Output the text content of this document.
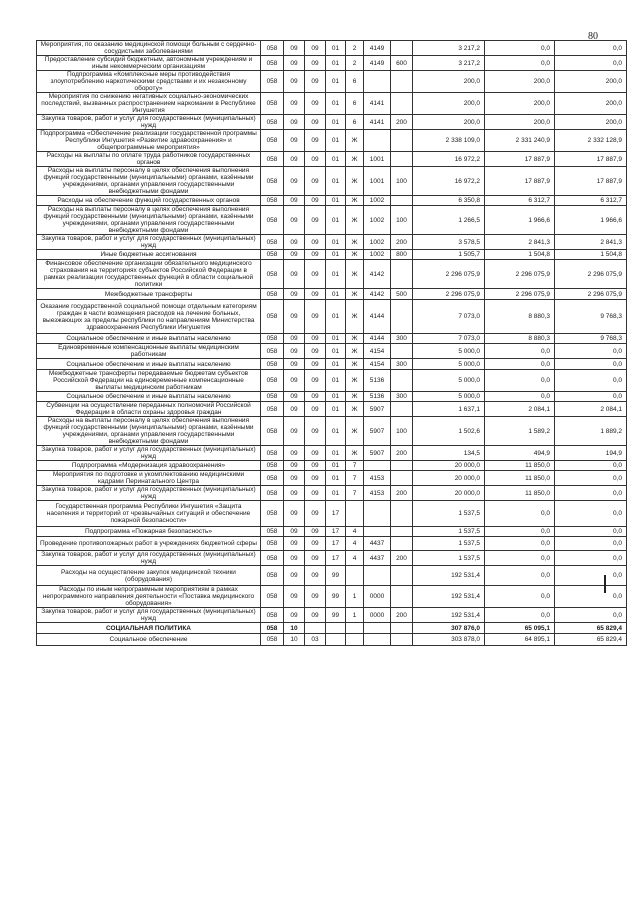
80
Мероприятия, по оказанию медицинской помощи больным с сердечно-сосудистыми заболеваниями	058	09	09	01	2	4149		3 217,2	0,0	0,0
Предоставление субсидий бюджетным, автономным учреждениям и иным некоммерческим организациям	058	09	09	01	2	4149	600	3 217,2	0,0	0,0
Подпрограмма «Комплексные меры противодействия злоупотреблению наркотическими средствами и их незаконному обороту»	058	09	09	01	6			200,0	200,0	200,0
Мероприятия по снижению негативных социально-экономических последствий, вызванных распространением наркомании в Республике Ингушетия	058	09	09	01	6	4141		200,0	200,0	200,0
Закупка товаров, работ и услуг для государственных (муниципальных) нужд	058	09	09	01	6	4141	200	200,0	200,0	200,0
Подпрограмма «Обеспечение реализации государственной программы Республики Ингушетия «Развитие здравоохранения» и общепрограммные мероприятия»	058	09	09	01	Ж			2 338 109,0	2 331 240,9	2 332 128,9
Расходы на выплаты по оплате труда работников государственных органов	058	09	09	01	Ж	1001		16 972,2	17 887,9	17 887,9
Расходы на выплаты персоналу в целях обеспечения выполнения функций государственными (муниципальными) органами, казёнными учреждениями, органами управления государственными внебюджетными фондами	058	09	09	01	Ж	1001	100	16 972,2	17 887,9	17 887,9
Расходы на обеспечение функций государственных органов	058	09	09	01	Ж	1002		6 350,8	6 312,7	6 312,7
Расходы на выплаты персоналу в целях обеспечения выполнения функций государственными (муниципальными) органами, казёнными учреждениями, органами управления государственными внебюджетными фондами	058	09	09	01	Ж	1002	100	1 266,5	1 966,6	1 966,6
Закупка товаров, работ и услуг для государственных (муниципальных) нужд	058	09	09	01	Ж	1002	200	3 578,5	2 841,3	2 841,3
Иные бюджетные ассигнования	058	09	09	01	Ж	1002	800	1 505,7	1 504,8	1 504,8
Финансовое обеспечение организации обязательного медицинского страхования на территориях субъектов Российской Федерации в рамках реализации государственных функций в области социальной политики	058	09	09	01	Ж	4142		2 296 075,9	2 296 075,9	2 296 075,9
Межбюджетные трансферты	058	09	09	01	Ж	4142	500	2 296 075,9	2 296 075,9	2 296 075,9
Оказание государственной социальной помощи отдельным категориям граждан в части возмещения расходов на лечение больных, выезжающих за пределы республики по направлениям Министерства здравоохранения Республики Ингушетия	058	09	09	01	Ж	4144		7 073,0	8 880,3	9 768,3
Социальное обеспечение и иные выплаты населению	058	09	09	01	Ж	4144	300	7 073,0	8 880,3	9 768,3
Единовременные компенсационные выплаты медицинским работникам	058	09	09	01	Ж	4154		5 000,0	0,0	0,0
Социальное обеспечение и иные выплаты населению	058	09	09	01	Ж	4154	300	5 000,0	0,0	0,0
Межбюджетные трансферты передаваемые бюджетам субъектов Российской Федерации на единовременные компенсационные выплаты медицинским работникам	058	09	09	01	Ж	5136		5 000,0	0,0	0,0
Социальное обеспечение и иные выплаты населению	058	09	09	01	Ж	5136	300	5 000,0	0,0	0,0
Субвенции на осуществление переданных полномочий Российской Федерации в области охраны здоровья граждан	058	09	09	01	Ж	5907		1 637,1	2 084,1	2 084,1
Расходы на выплаты персоналу в целях обеспечения выполнения функций государственными (муниципальными) органами, казёнными учреждениями, органами управления государственными внебюджетными фондами	058	09	09	01	Ж	5907	100	1 502,6	1 589,2	1 889,2
Закупка товаров, работ и услуг для государственных (муниципальных) нужд	058	09	09	01	Ж	5907	200	134,5	494,9	194,9
Подпрограмма «Модернизация здравоохранения»	058	09	09	01	7			20 000,0	11 850,0	0,0
Мероприятия по подготовке и укомплектованию медицинскими кадрами Перинатального Центра	058	09	09	01	7	4153		20 000,0	11 850,0	0,0
Закупка товаров, работ и услуг для государственных (муниципальных) нужд	058	09	09	01	7	4153	200	20 000,0	11 850,0	0,0
Государственная программа Республики Ингушетия «Защита населения и территорий от чрезвычайных ситуаций и обеспечение пожарной безопасности»	058	09	09	17				1 537,5	0,0	0,0
Подпрограмма «Пожарная безопасность»	058	09	09	17	4			1 537,5	0,0	0,0
Проведение противопожарных работ в учреждениях бюджетной сферы	058	09	09	17	4	4437		1 537,5	0,0	0,0
Закупка товаров, работ и услуг для государственных (муниципальных) нужд	058	09	09	17	4	4437	200	1 537,5	0,0	0,0
Расходы на осуществление закупок медицинской техники (оборудования)	058	09	09	99				192 531,4	0,0	0,0
Расходы по иным непрограммным мероприятиям в рамках непрограммного направления деятельности «Поставка медицинского оборудования»	058	09	09	99	1	0000		192 531,4	0,0	0,0
Закупка товаров, работ и услуг для государственных (муниципальных) нужд	058	09	09	99	1	0000	200	192 531,4	0,0	0,0
СОЦИАЛЬНАЯ ПОЛИТИКА	058	10						307 876,0	65 095,1	65 829,4
Социальное обеспечение	058	10	03					303 878,0	64 895,1	65 829,4
